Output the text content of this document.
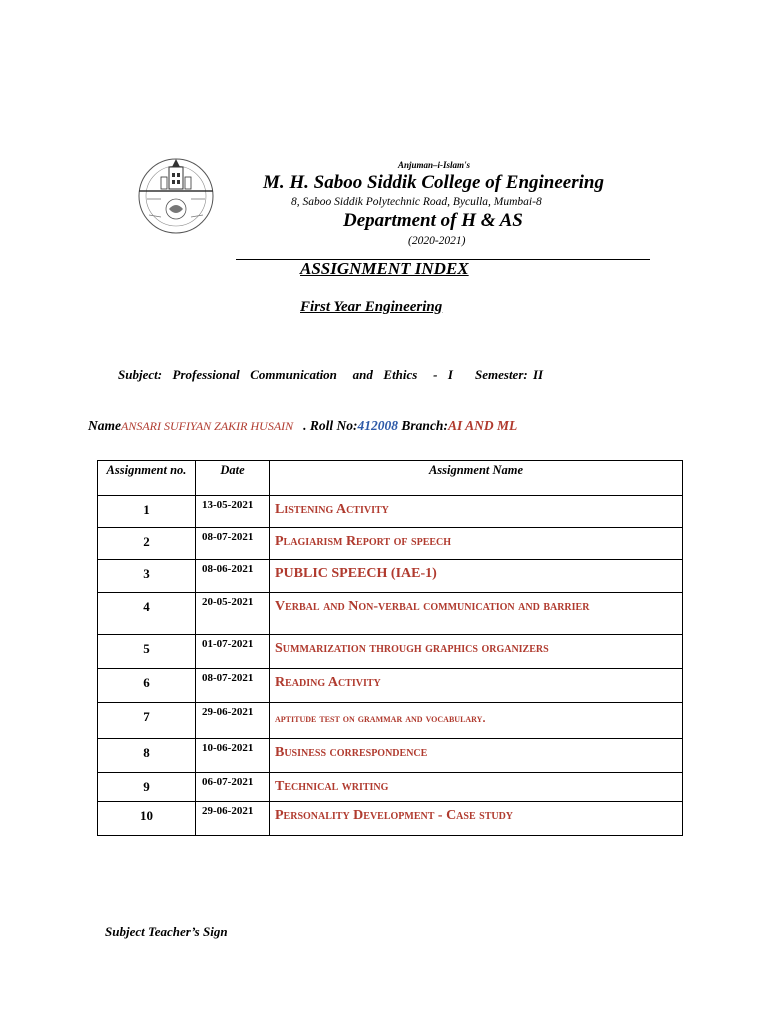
Anjuman–i-Islam's
M. H. Saboo Siddik College of Engineering
8, Saboo Siddik Polytechnic Road, Byculla, Mumbai-8
Department of H & AS
(2020-2021)
ASSIGNMENT INDEX
First Year Engineering
Subject:  Professional  Communication   and  Ethics   -  I Semester: II
NameANSARI SUFIYAN ZAKIR HUSAIN . Roll No:412008 Branch:AI AND ML
Assignment no.	Date	Assignment Name
1	13-05-2021	Listening Activity
2	08-07-2021	Plagiarism Report of speech
3	08-06-2021	PUBLIC SPEECH (IAE-1)
4	20-05-2021	Verbal and Non-verbal communication and barrier
5	01-07-2021	Summarization through graphics organizers
6	08-07-2021	Reading Activity
7	29-06-2021	aptitude test on grammar and vocabulary.
8	10-06-2021	Business correspondence
9	06-07-2021	Technical writing
10	29-06-2021	Personality Development - Case study
Subject Teacher’s Sign
